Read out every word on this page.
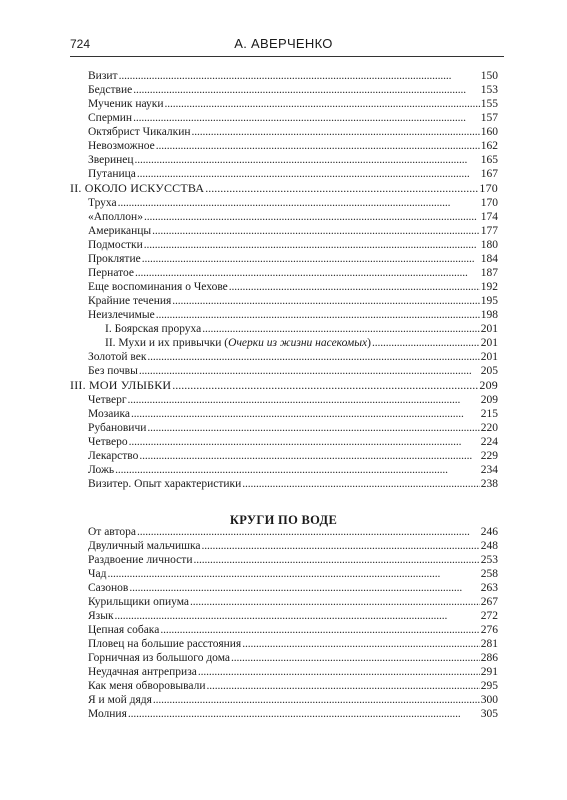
724	А. АВЕРЧЕНКО
Визит . . .	150
Бедствие . . .	153
Мученик науки . . .	155
Спермин . . .	157
Октябрист Чикалкин . . .	160
Невозможное . . .	162
Зверинец . . .	165
Путаница . . .	167
II. ОКОЛО ИСКУССТВА . . .	170
Труха . . .	170
«Аполлон» . . .	174
Американцы . . .	177
Подмостки . . .	180
Проклятие . . .	184
Пернатое . . .	187
Еще воспоминания о Чехове . . .	192
Крайние течения . . .	195
Неизлечимые . . .	198
I. Боярская проруха . . .	201
II. Мухи и их привычки (Очерки из жизни насекомых) . . .	201
Золотой век . . .	201
Без почвы . . .	205
III. МОИ УЛЫБКИ . . .	209
Четверг . . .	209
Мозаика . . .	215
Рубановичи . . .	220
Четверо . . .	224
Лекарство . . .	229
Ложь . . .	234
Визитер. Опыт характеристики . . .	238
КРУГИ ПО ВОДЕ
От автора . . .	246
Двуличный мальчишка . . .	248
Раздвоение личности . . .	253
Чад . . .	258
Сазонов . . .	263
Курильщики опиума . . .	267
Язык . . .	272
Цепная собака . . .	276
Пловец на большие расстояния . . .	281
Горничная из большого дома . . .	286
Неудачная антреприза . . .	291
Как меня обворовывали . . .	295
Я и мой дядя . . .	300
Молния . . .	305
